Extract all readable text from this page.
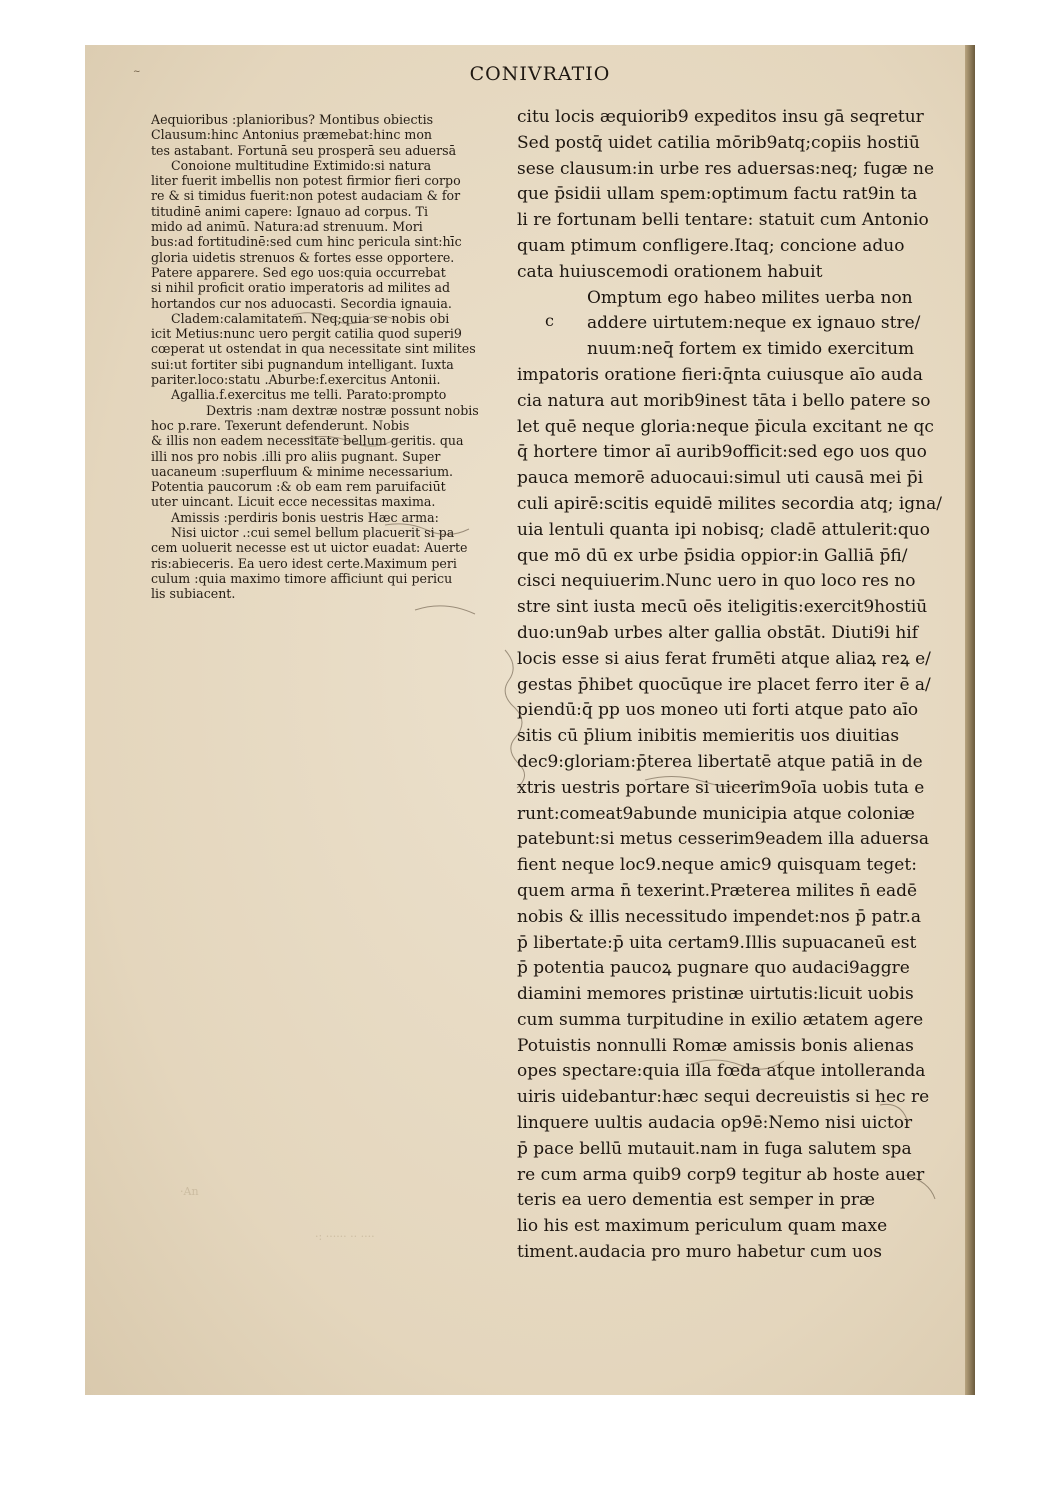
~	CONIVRATIO
Aequioribus :planioribus? Montibus obiectis
Clausum:hinc Antonius præmebat:hinc mon
tes astabant. Fortunā seu prosperā seu aduersā
Conoione multitudine Extimido:si natura
liter fuerit imbellis non potest firmior fieri corpo
re & si timidus fuerit:non potest audaciam & for
titudinē animi capere: Ignauo ad corpus. Ti
mido ad animū. Natura:ad strenuum. Mori
bus:ad fortitudinē:sed cum hinc pericula sint:hīc
gloria uidetis strenuos & fortes esse opportere.
Patere apparere. Sed ego uos:quia occurrebat
si nihil proficit oratio imperatoris ad milites ad
hortandos cur nos aduocasti. Secordia ignauia.
Cladem:calamitatem. Neq;quia se nobis obi
icit Metius:nunc uero pergit catilia quod superi9
cœperat ut ostendat in qua necessitate sint milites
sui:ut fortiter sibi pugnandum intelligant. Iuxta
pariter.loco:statu .Aburbe:f.exercitus Antonii.
Agallia.f.exercitus me telli. Parato:prompto
Dextris :nam dextræ nostræ possunt nobis
hoc p.rare. Texerunt defenderunt. Nobis
& illis non eadem necessitate bellum geritis. qua
illi nos pro nobis .illi pro aliis pugnant. Super
uacaneum :superfluum & minime necessarium.
Potentia paucorum :& ob eam rem paruifaciūt
uter uincant. Licuit ecce necessitas maxima.
Amissis :perdiris bonis uestris Hæc arma:
Nisi uictor .:cui semel bellum placuerit si pa
cem uoluerit necesse est ut uictor euadat: Auerte
ris:abieceris. Ea uero idest certe.Maximum peri
culum :quia maximo timore afficiunt qui pericu
lis subiacent.
c
citu locis æquiorib9 expeditos insu gā seqretur
Sed postq̄ uidet catilia mōrib9atq;copiis hostiū
sese clausum:in urbe res aduersas:neq; fugæ ne
que p̄sidii ullam spem:optimum factu rat9in ta
li re fortunam belli tentare: statuit cum Antonio
quam ptimum confligere.Itaq; concione aduo
cata huiuscemodi orationem habuit
Omptum ego habeo milites uerba non
addere uirtutem:neque ex ignauo stre/
nuum:neq̄ fortem ex timido exercitum
impatoris oratione fieri:q̄nta cuiusque aīo auda
cia natura aut morib9inest tāta i bello patere so
let quē neque gloria:neque p̄icula excitant ne qc
q̄ hortere timor aī aurib9officit:sed ego uos quo
pauca memorē aduocaui:simul uti causā mei p̄i
culi apirē:scitis equidē milites secordia atq; igna/
uia lentuli quanta ipi nobisq; cladē attulerit:quo
que mō dū ex urbe p̄sidia oppior:in Galliā p̄fi/
cisci nequiuerim.Nunc uero in quo loco res no
stre sint iusta mecū oēs iteligitis:exercit9hostiū
duo:un9ab urbes alter gallia obstāt. Diuti9i hif
locis esse si aius ferat frumēti atque aliaꝝ reꝝ e/
gestas p̄hibet quocūque ire placet ferro iter ē a/
piendū:q̄ pp uos moneo uti forti atque pato aīo
sitis cū p̄lium inibitis memieritis uos diuitias
dec9:gloriam:p̄terea libertatē atque patiā in de
xtris uestris portare si uicerim9oīa uobis tuta e
runt:comeat9abunde municipia atque coloniæ
patebunt:si metus cesserim9eadem illa aduersa
fient neque loc9.neque amic9 quisquam teget:
quem arma n̄ texerint.Præterea milites n̄ eadē
nobis & illis necessitudo impendet:nos p̄ patr.a
p̄ libertate:p̄ uita certam9.Illis supuacaneū est
p̄ potentia paucoꝝ pugnare quo audaci9aggre
diamini memores pristinæ uirtutis:licuit uobis
cum summa turpitudine in exilio ætatem agere
Potuistis nonnulli Romæ amissis bonis alienas
opes spectare:quia illa fœda atque intolleranda
uiris uidebantur:hæc sequi decreuistis si hec re
linquere uultis audacia op9ē:Nemo nisi uictor
p̄ pace bellū mutauit.nam in fuga salutem spa
re cum arma quib9 corp9 tegitur ab hoste auer
teris ea uero dementia est semper in præ
lio his est maximum periculum quam maxe
timent.audacia pro muro habetur cum uos
·An
·: ······ ·· ····
